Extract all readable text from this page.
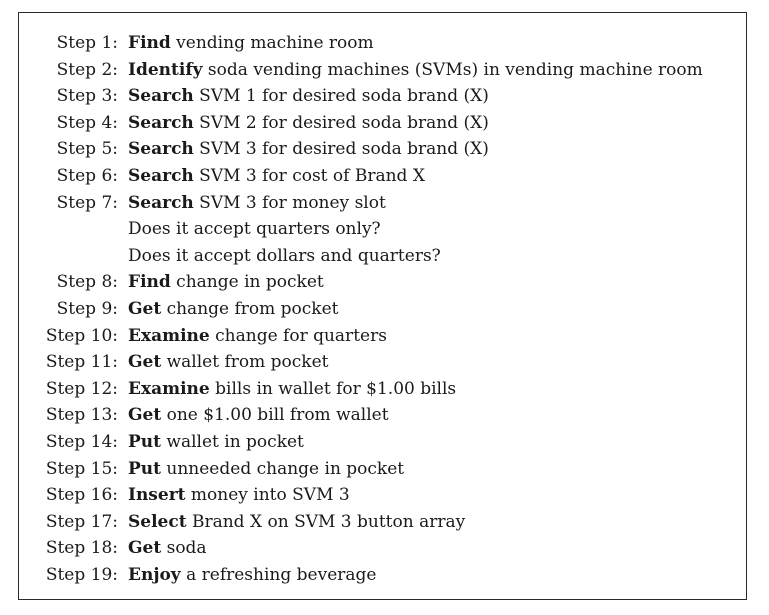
Step 1: Find vending machine room
Step 2: Identify soda vending machines (SVMs) in vending machine room
Step 3: Search SVM 1 for desired soda brand (X)
Step 4: Search SVM 2 for desired soda brand (X)
Step 5: Search SVM 3 for desired soda brand (X)
Step 6: Search SVM 3 for cost of Brand X
Step 7: Search SVM 3 for money slot
Does it accept quarters only?
Does it accept dollars and quarters?
Step 8: Find change in pocket
Step 9: Get change from pocket
Step 10: Examine change for quarters
Step 11: Get wallet from pocket
Step 12: Examine bills in wallet for $1.00 bills
Step 13: Get one $1.00 bill from wallet
Step 14: Put wallet in pocket
Step 15: Put unneeded change in pocket
Step 16: Insert money into SVM 3
Step 17: Select Brand X on SVM 3 button array
Step 18: Get soda
Step 19: Enjoy a refreshing beverage
